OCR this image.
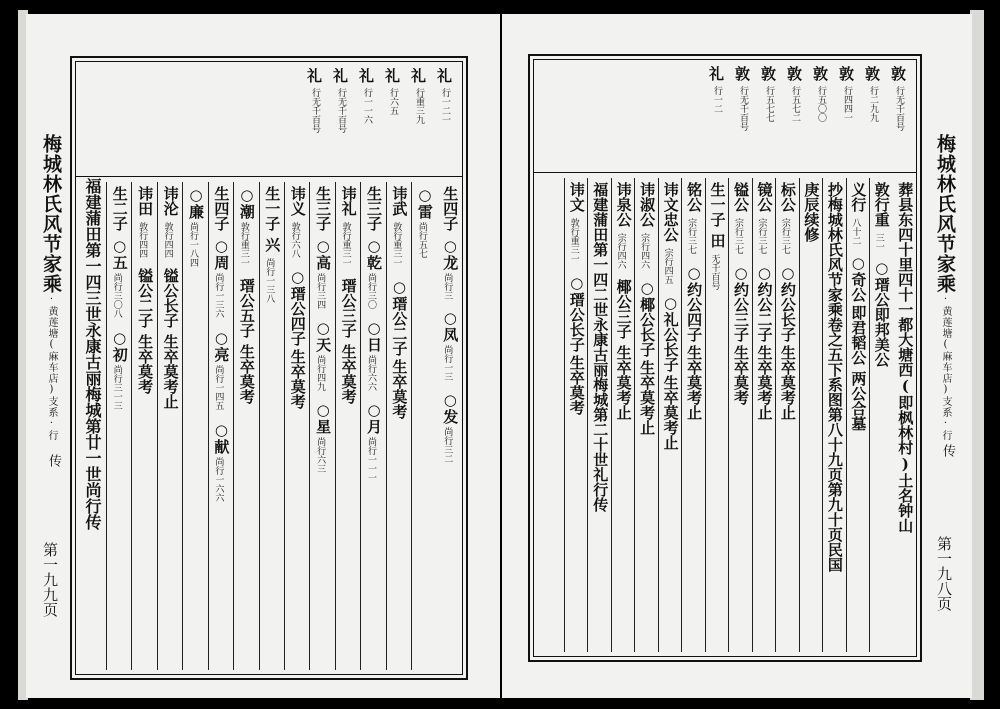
礼
行一二一
礼
行重三九
礼
行六五
礼
行一一六
礼
行无千百号
礼
行无千百号
生四子
○龙
尚行三
○凤
尚行一三
○发
尚行三二
○雷
尚行五七
讳武
敦行重三一
○瑨公二子
生卒莫考
生三子
○乾
尚行三〇
○日
尚行六六
○月
尚行一一一
讳礼
敦行重三一
瑨公三子
生卒莫考
生三子
○高
尚行三四
○天
尚行四九
○星
尚行六三
讳义
敦行六八
○瑨公四子
生卒莫考
生一子
兴
尚行一三八
○潮
敦行重三一
瑨公五子
生卒莫考
生四子
○周
尚行一三六
○亮
尚行一四五
○献
尚行一六六
○廉
尚行一八四
讳沦
敦行四四
镒公长子
生卒莫考止
讳田
敦行四四
镒公二子
生卒莫考
生二子
○五
尚行三〇八
○初
尚行三一三
梅城林氏风节家乘·黄莲塘(麻车店)支系·行
传
第一九九页
敦
行无千百号
敦
行二九九
敦
行四四一
敦
行五〇〇
敦
行五七二
敦
行五七七
敦
行无千百号
礼
行一二
葬县东四十里四十一都大塘西(即枫林村)土名钟山
敦行重
三一
○瑨公即邦美公
义行
八十二
○奇公
即君韬公
两公合墓
抄梅城林氏风节家乘卷之五下系图第八十九页第九十页民国
庚辰续修
标公
宗行三七
○约公长子
生卒莫考止
镜公
宗行三七
○约公二子
生卒莫考止
镒公
宗行三七
○约公三子
生卒莫考
生一子
田
无千百号
铭公
宗行三七
○约公四子
生卒莫考止
讳文忠公
宗行四五
○礼公长子
生卒莫考止
讳淑公
宗行四六
○椰公长子
生卒莫考止
讳泉公
宗行四六
椰公三子
生卒莫考止
福建蒲田第一四二世永康古丽梅城第二十世礼行传
讳文
敦行重三一
○瑨公长子
生卒莫考
梅城林氏风节家乘·黄莲塘(麻车店)支系·行
传
第一九八页
福建蒲田第一四三世永康古丽梅城第廿一世尚行传
